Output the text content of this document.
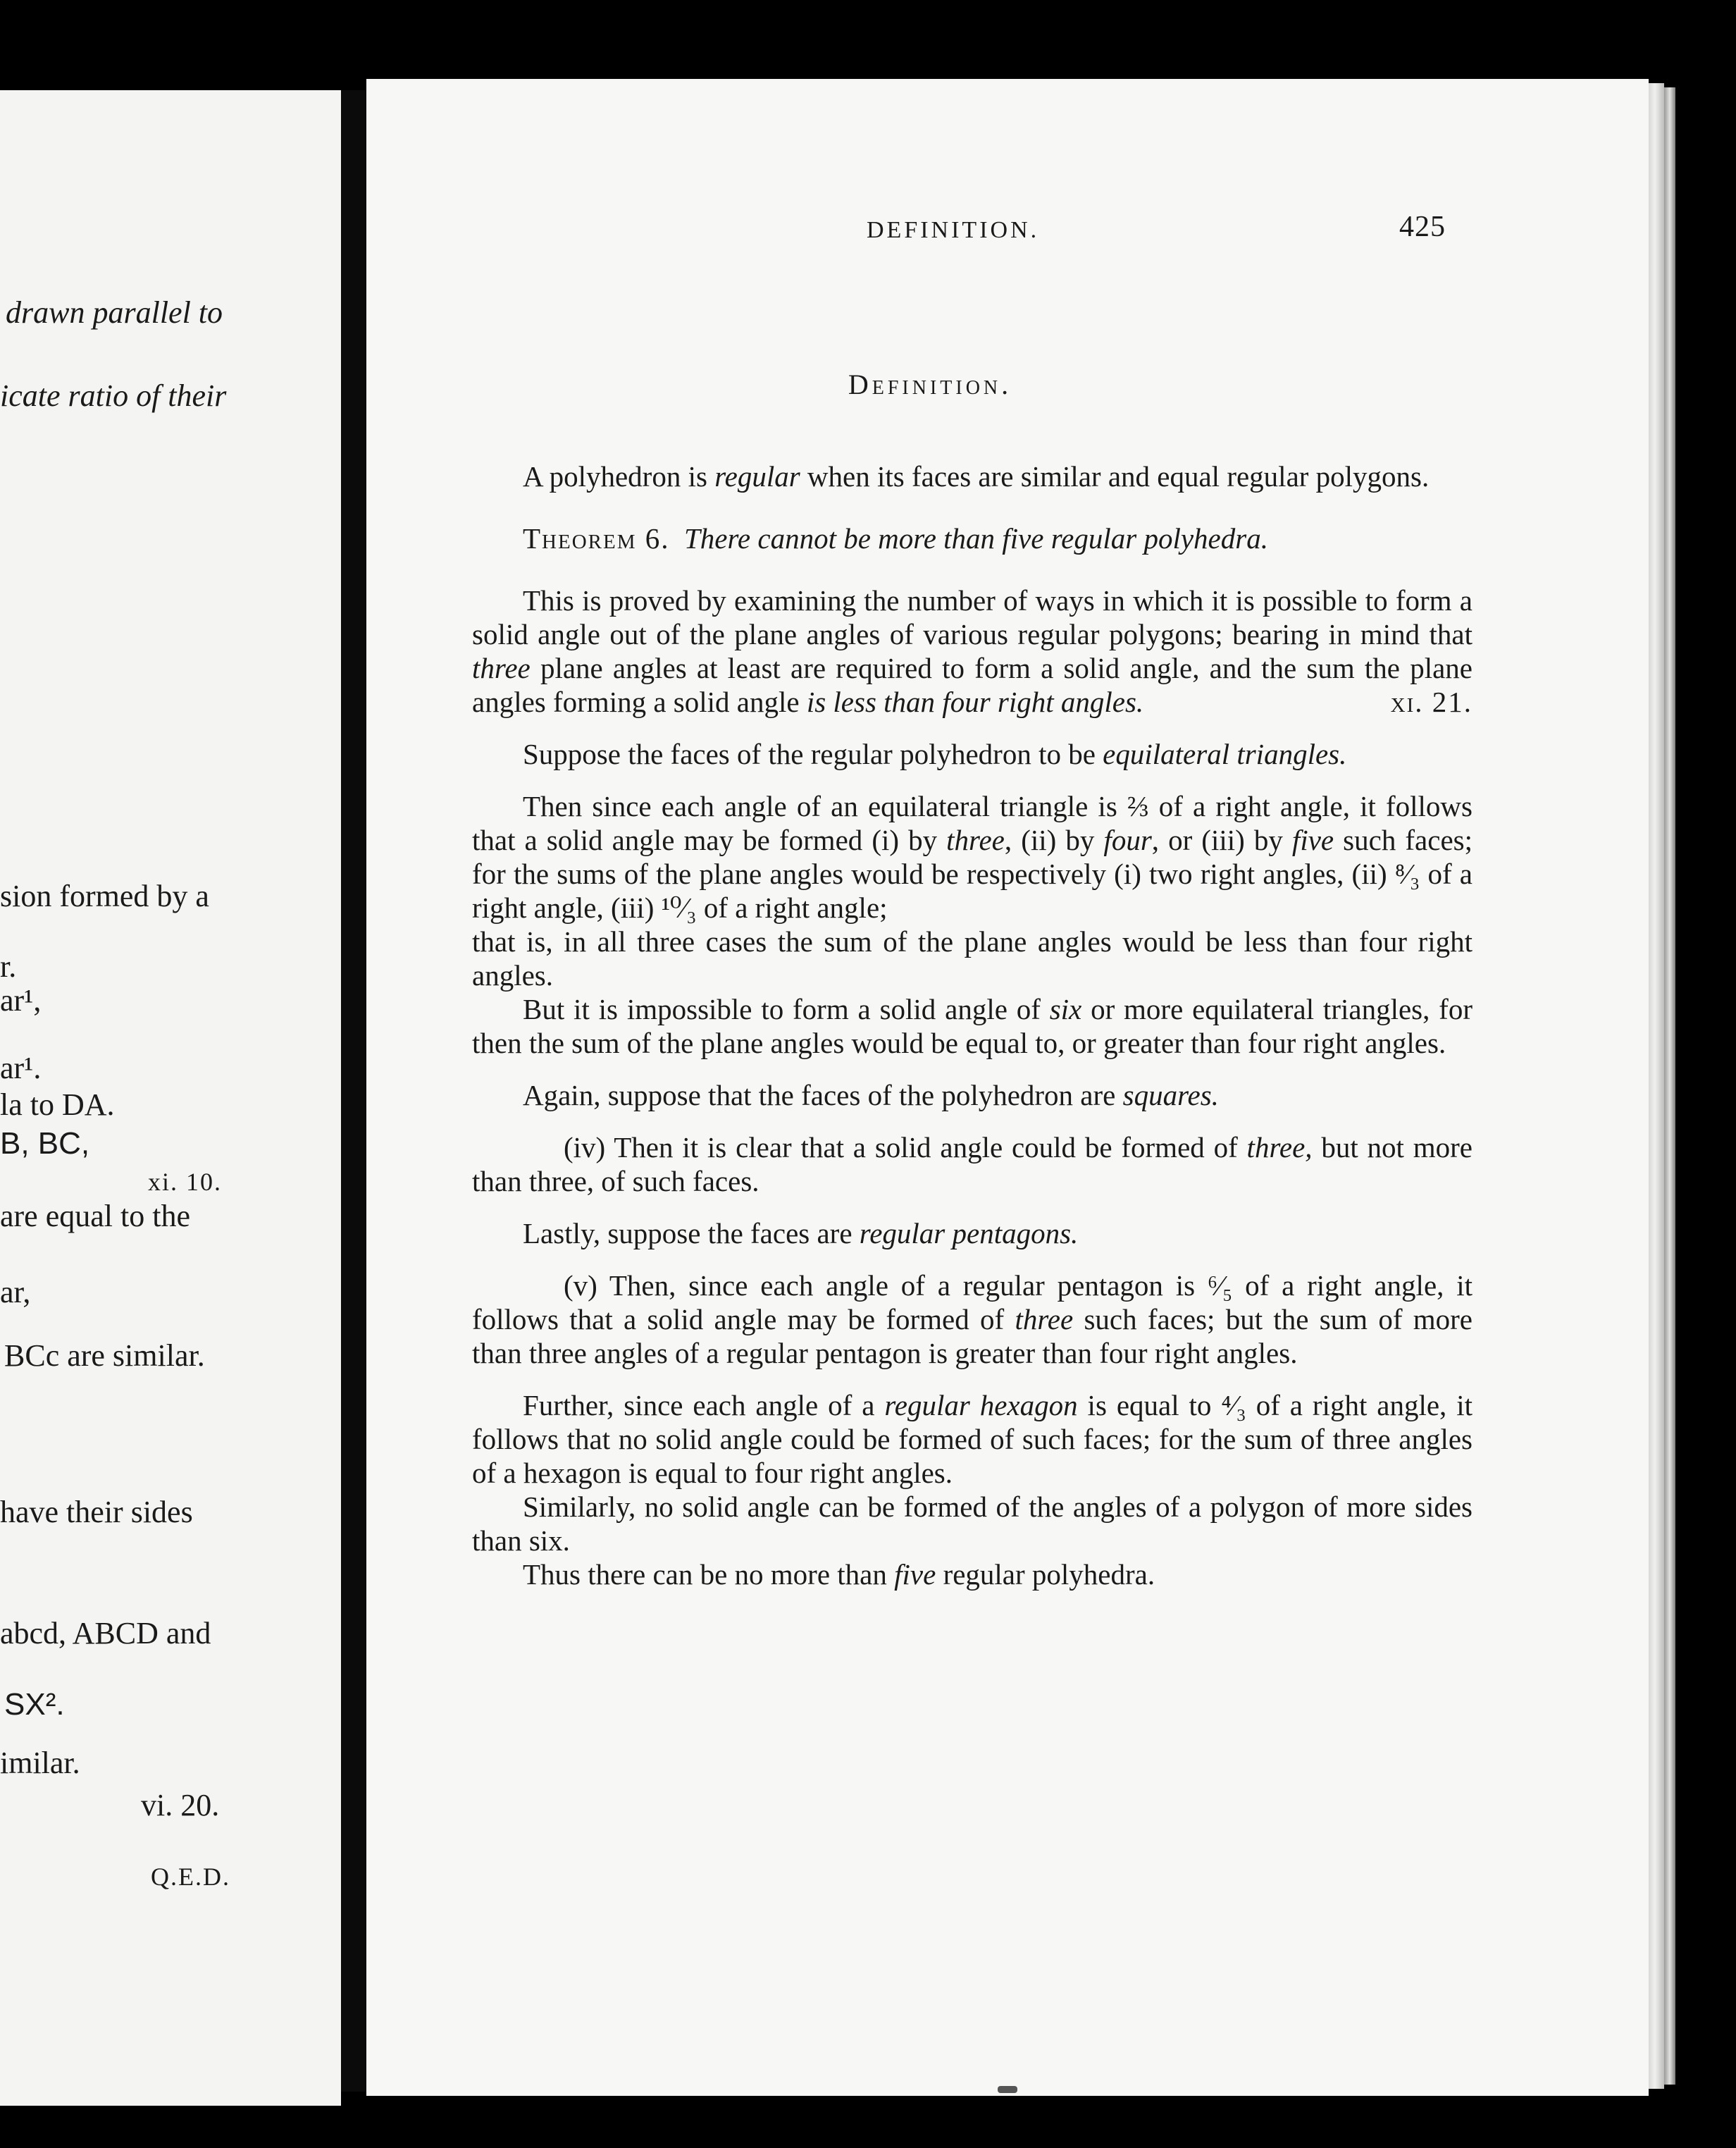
drawn parallel to
icate ratio of their
sion formed by a
r.
ar¹,
ar¹.
la to DA.
B, BC,
xi. 10.
are equal to the
ar,
BCc are similar.
have their sides
abcd, ABCD and
SX².
imilar.
vi. 20.
Q.E.D.
DEFINITION.	425
Definition.

A polyhedron is regular when its faces are similar and equal regular polygons.

Theorem 6. There cannot be more than five regular polyhedra.

This is proved by examining the number of ways in which it is possible to form a solid angle out of the plane angles of various regular polygons; bearing in mind that three plane angles at least are required to form a solid angle, and the sum the plane angles forming a solid angle is less than four right angles.	xi. 21.

Suppose the faces of the regular polyhedron to be equilateral triangles.

Then since each angle of an equilateral triangle is ⅔ of a right angle, it follows that a solid angle may be formed (i) by three, (ii) by four, or (iii) by five such faces; for the sums of the plane angles would be respectively (i) two right angles, (ii) ⁸⁄₃ of a right angle, (iii) ¹⁰⁄₃ of a right angle;

that is, in all three cases the sum of the plane angles would be less than four right angles.

But it is impossible to form a solid angle of six or more equilateral triangles, for then the sum of the plane angles would be equal to, or greater than four right angles.

Again, suppose that the faces of the polyhedron are squares.

(iv) Then it is clear that a solid angle could be formed of three, but not more than three, of such faces.

Lastly, suppose the faces are regular pentagons.

(v) Then, since each angle of a regular pentagon is ⁶⁄₅ of a right angle, it follows that a solid angle may be formed of three such faces; but the sum of more than three angles of a regular pentagon is greater than four right angles.

Further, since each angle of a regular hexagon is equal to ⁴⁄₃ of a right angle, it follows that no solid angle could be formed of such faces; for the sum of three angles of a hexagon is equal to four right angles.

Similarly, no solid angle can be formed of the angles of a polygon of more sides than six.

Thus there can be no more than five regular polyhedra.
